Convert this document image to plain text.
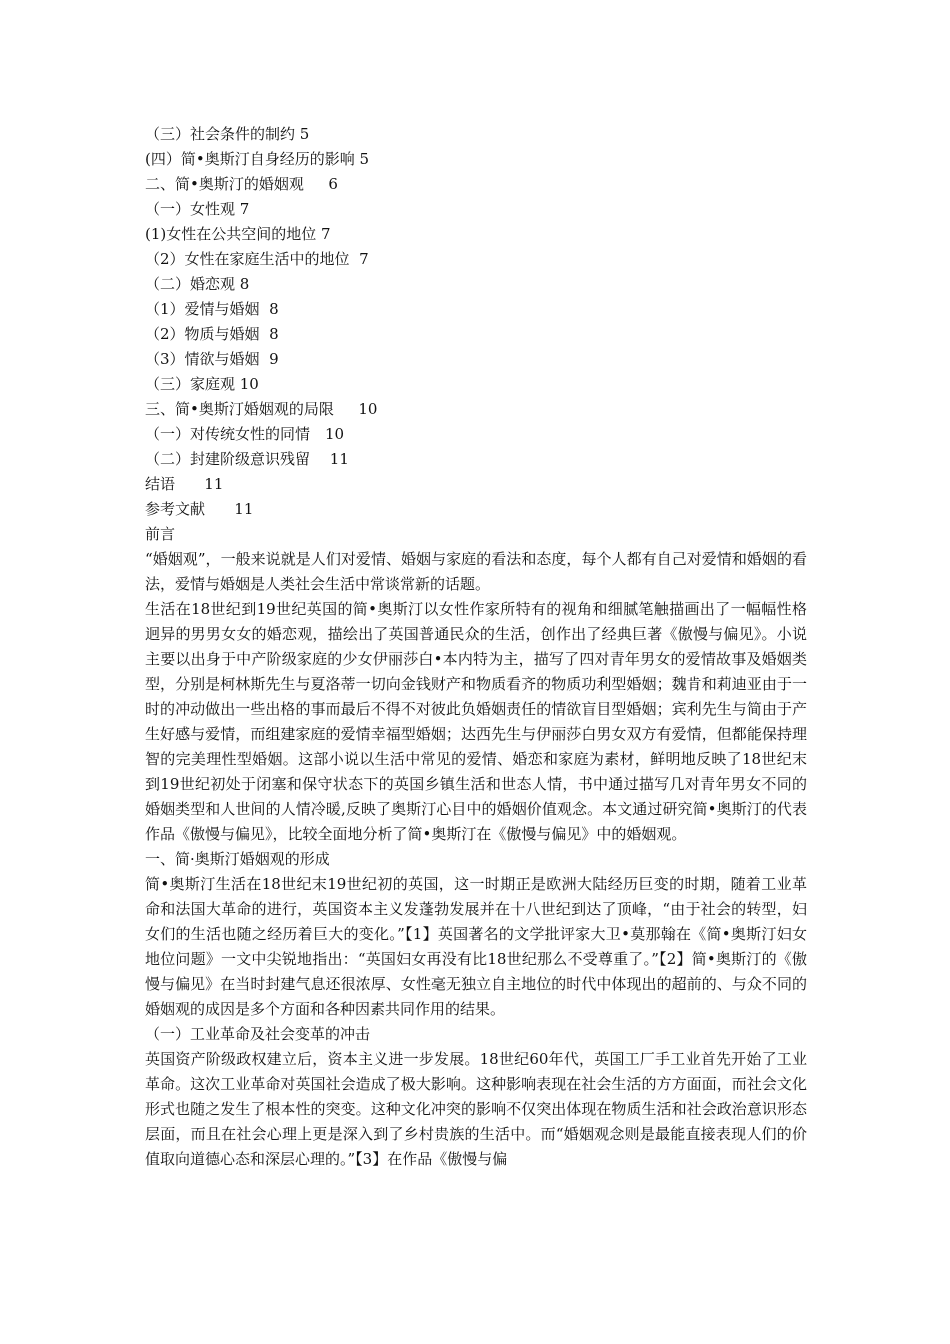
（三）社会条件的制约 5
(四）简•奥斯汀自身经历的影响 5
二、简•奥斯汀的婚姻观　  6
（一）女性观 7
(1)女性在公共空间的地位 7
（2）女性在家庭生活中的地位  7
（二）婚恋观 8
（1）爱情与婚姻  8
（2）物质与婚姻  8
（3）情欲与婚姻  9
（三）家庭观 10
三、简•奥斯汀婚姻观的局限　  10
（一）对传统女性的同情　10
（二）封建阶级意识残留　 11
结语　   11
参考文献　   11
前言

“婚姻观”，一般来说就是人们对爱情、婚姻与家庭的看法和态度，每个人都有自己对爱情和婚姻的看法，爱情与婚姻是人类社会生活中常谈常新的话题。

生活在18世纪到19世纪英国的简•奥斯汀以女性作家所特有的视角和细腻笔触描画出了一幅幅性格迥异的男男女女的婚恋观，描绘出了英国普通民众的生活，创作出了经典巨著《傲慢与偏见》。小说主要以出身于中产阶级家庭的少女伊丽莎白•本内特为主，描写了四对青年男女的爱情故事及婚姻类型，分别是柯林斯先生与夏洛蒂一切向金钱财产和物质看齐的物质功利型婚姻；魏肯和莉迪亚由于一时的冲动做出一些出格的事而最后不得不对彼此负婚姻责任的情欲盲目型婚姻；宾利先生与简由于产生好感与爱情，而组建家庭的爱情幸福型婚姻；达西先生与伊丽莎白男女双方有爱情，但都能保持理智的完美理性型婚姻。这部小说以生活中常见的爱情、婚恋和家庭为素材，鲜明地反映了18世纪末到19世纪初处于闭塞和保守状态下的英国乡镇生活和世态人情，书中通过描写几对青年男女不同的婚姻类型和人世间的人情冷暖,反映了奥斯汀心目中的婚姻价值观念。本文通过研究简•奥斯汀的代表作品《傲慢与偏见》，比较全面地分析了简•奥斯汀在《傲慢与偏见》中的婚姻观。

一、简·奥斯汀婚姻观的形成

简•奥斯汀生活在18世纪末19世纪初的英国，这一时期正是欧洲大陆经历巨变的时期，随着工业革命和法国大革命的进行，英国资本主义发蓬勃发展并在十八世纪到达了顶峰，“由于社会的转型，妇女们的生活也随之经历着巨大的变化。”【1】英国著名的文学批评家大卫•莫那翰在《简•奥斯汀妇女地位问题》一文中尖锐地指出：“英国妇女再没有比18世纪那么不受尊重了。”【2】简•奥斯汀的《傲慢与偏见》在当时封建气息还很浓厚、女性毫无独立自主地位的时代中体现出的超前的、与众不同的婚姻观的成因是多个方面和各种因素共同作用的结果。

（一）工业革命及社会变革的冲击

英国资产阶级政权建立后，资本主义进一步发展。18世纪60年代，英国工厂手工业首先开始了工业革命。这次工业革命对英国社会造成了极大影响。这种影响表现在社会生活的方方面面，而社会文化形式也随之发生了根本性的突变。这种文化冲突的影响不仅突出体现在物质生活和社会政治意识形态层面，而且在社会心理上更是深入到了乡村贵族的生活中。而“婚姻观念则是最能直接表现人们的价值取向道德心态和深层心理的。”【3】在作品《傲慢与偏
